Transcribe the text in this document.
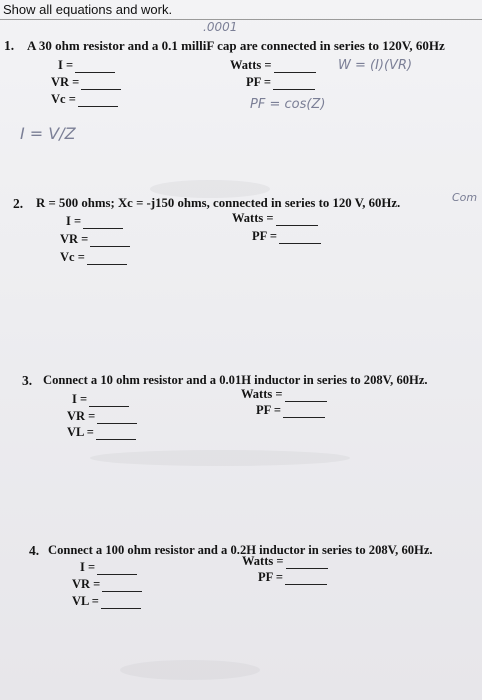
Show all equations and work.
1. A 30 ohm resistor and a 0.1 milliF cap are connected in series to 120V, 60Hz
I =
VR =
Vc =
Watts =
PF =
.0001
W = (I)(VR)
PF = cos(Z)
I = V/Z
2. R = 500 ohms; Xc = -j150 ohms, connected in series to 120 V, 60Hz.	Com
I =
VR =
Vc =
Watts =
PF =
3. Connect a 10 ohm resistor and a 0.01H inductor in series to 208V, 60Hz.
I =
VR =
VL =
Watts =
PF =
4. Connect a 100 ohm resistor and a 0.2H inductor in series to 208V, 60Hz.
I =
VR =
VL =
Watts =
PF =
